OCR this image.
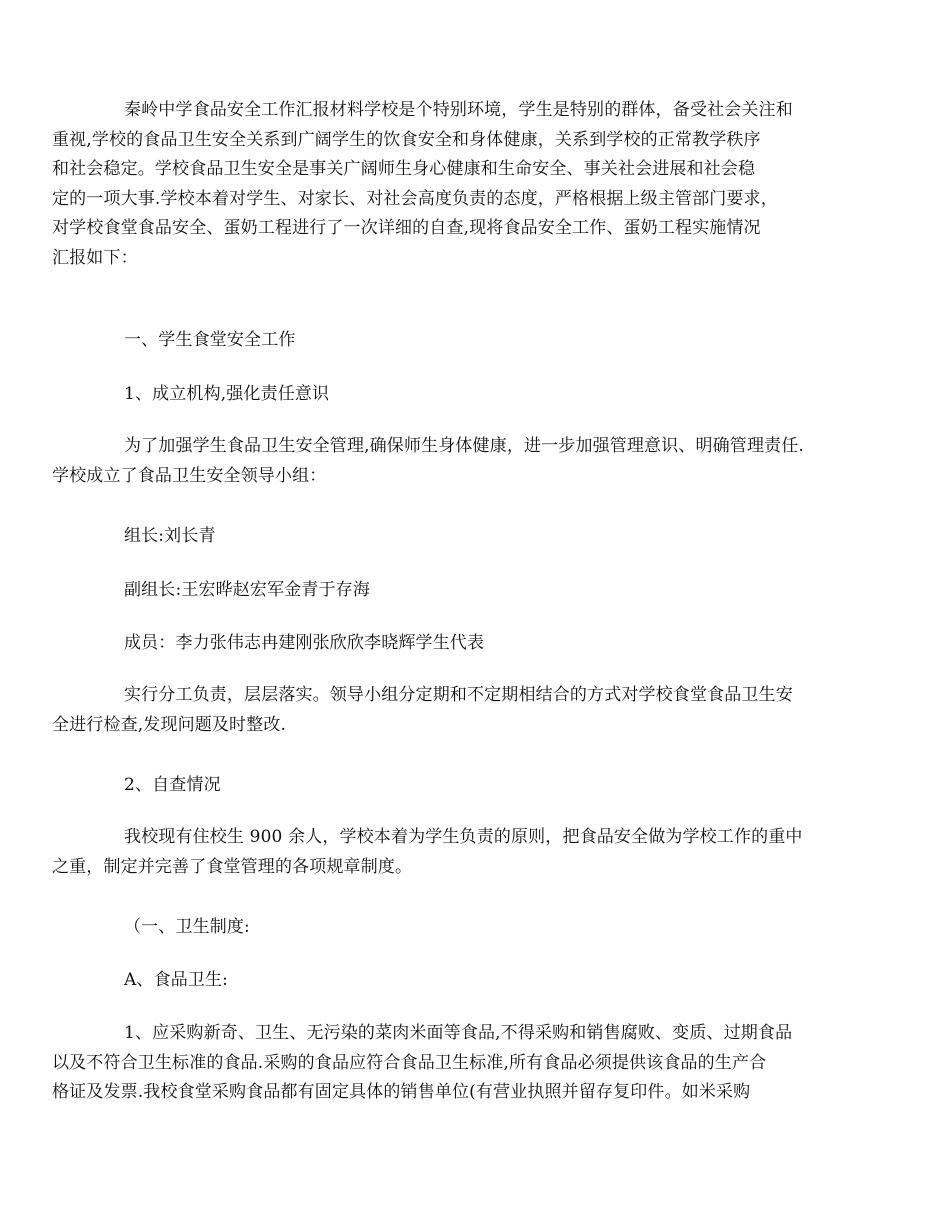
秦岭中学食品安全工作汇报材料学校是个特别环境，学生是特别的群体，备受社会关注和
重视,学校的食品卫生安全关系到广阔学生的饮食安全和身体健康，关系到学校的正常教学秩序
和社会稳定。学校食品卫生安全是事关广阔师生身心健康和生命安全、事关社会进展和社会稳
定的一项大事.学校本着对学生、对家长、对社会高度负责的态度，严格根据上级主管部门要求，
对学校食堂食品安全、蛋奶工程进行了一次详细的自查,现将食品安全工作、蛋奶工程实施情况
汇报如下：

一、学生食堂安全工作

1、成立机构,强化责任意识

为了加强学生食品卫生安全管理,确保师生身体健康，进一步加强管理意识、明确管理责任.
学校成立了食品卫生安全领导小组：

组长:刘长青

副组长:王宏晔赵宏军金青于存海

成员：李力张伟志冉建刚张欣欣李晓辉学生代表

实行分工负责，层层落实。领导小组分定期和不定期相结合的方式对学校食堂食品卫生安
全进行检查,发现问题及时整改.

2、自查情况

我校现有住校生 900 余人，学校本着为学生负责的原则，把食品安全做为学校工作的重中
之重，制定并完善了食堂管理的各项规章制度。

（一、卫生制度:

A、食品卫生:

1、应采购新奇、卫生、无污染的菜肉米面等食品,不得采购和销售腐败、变质、过期食品
以及不符合卫生标准的食品.采购的食品应符合食品卫生标准,所有食品必须提供该食品的生产合
格证及发票.我校食堂采购食品都有固定具体的销售单位(有营业执照并留存复印件。如米采购
